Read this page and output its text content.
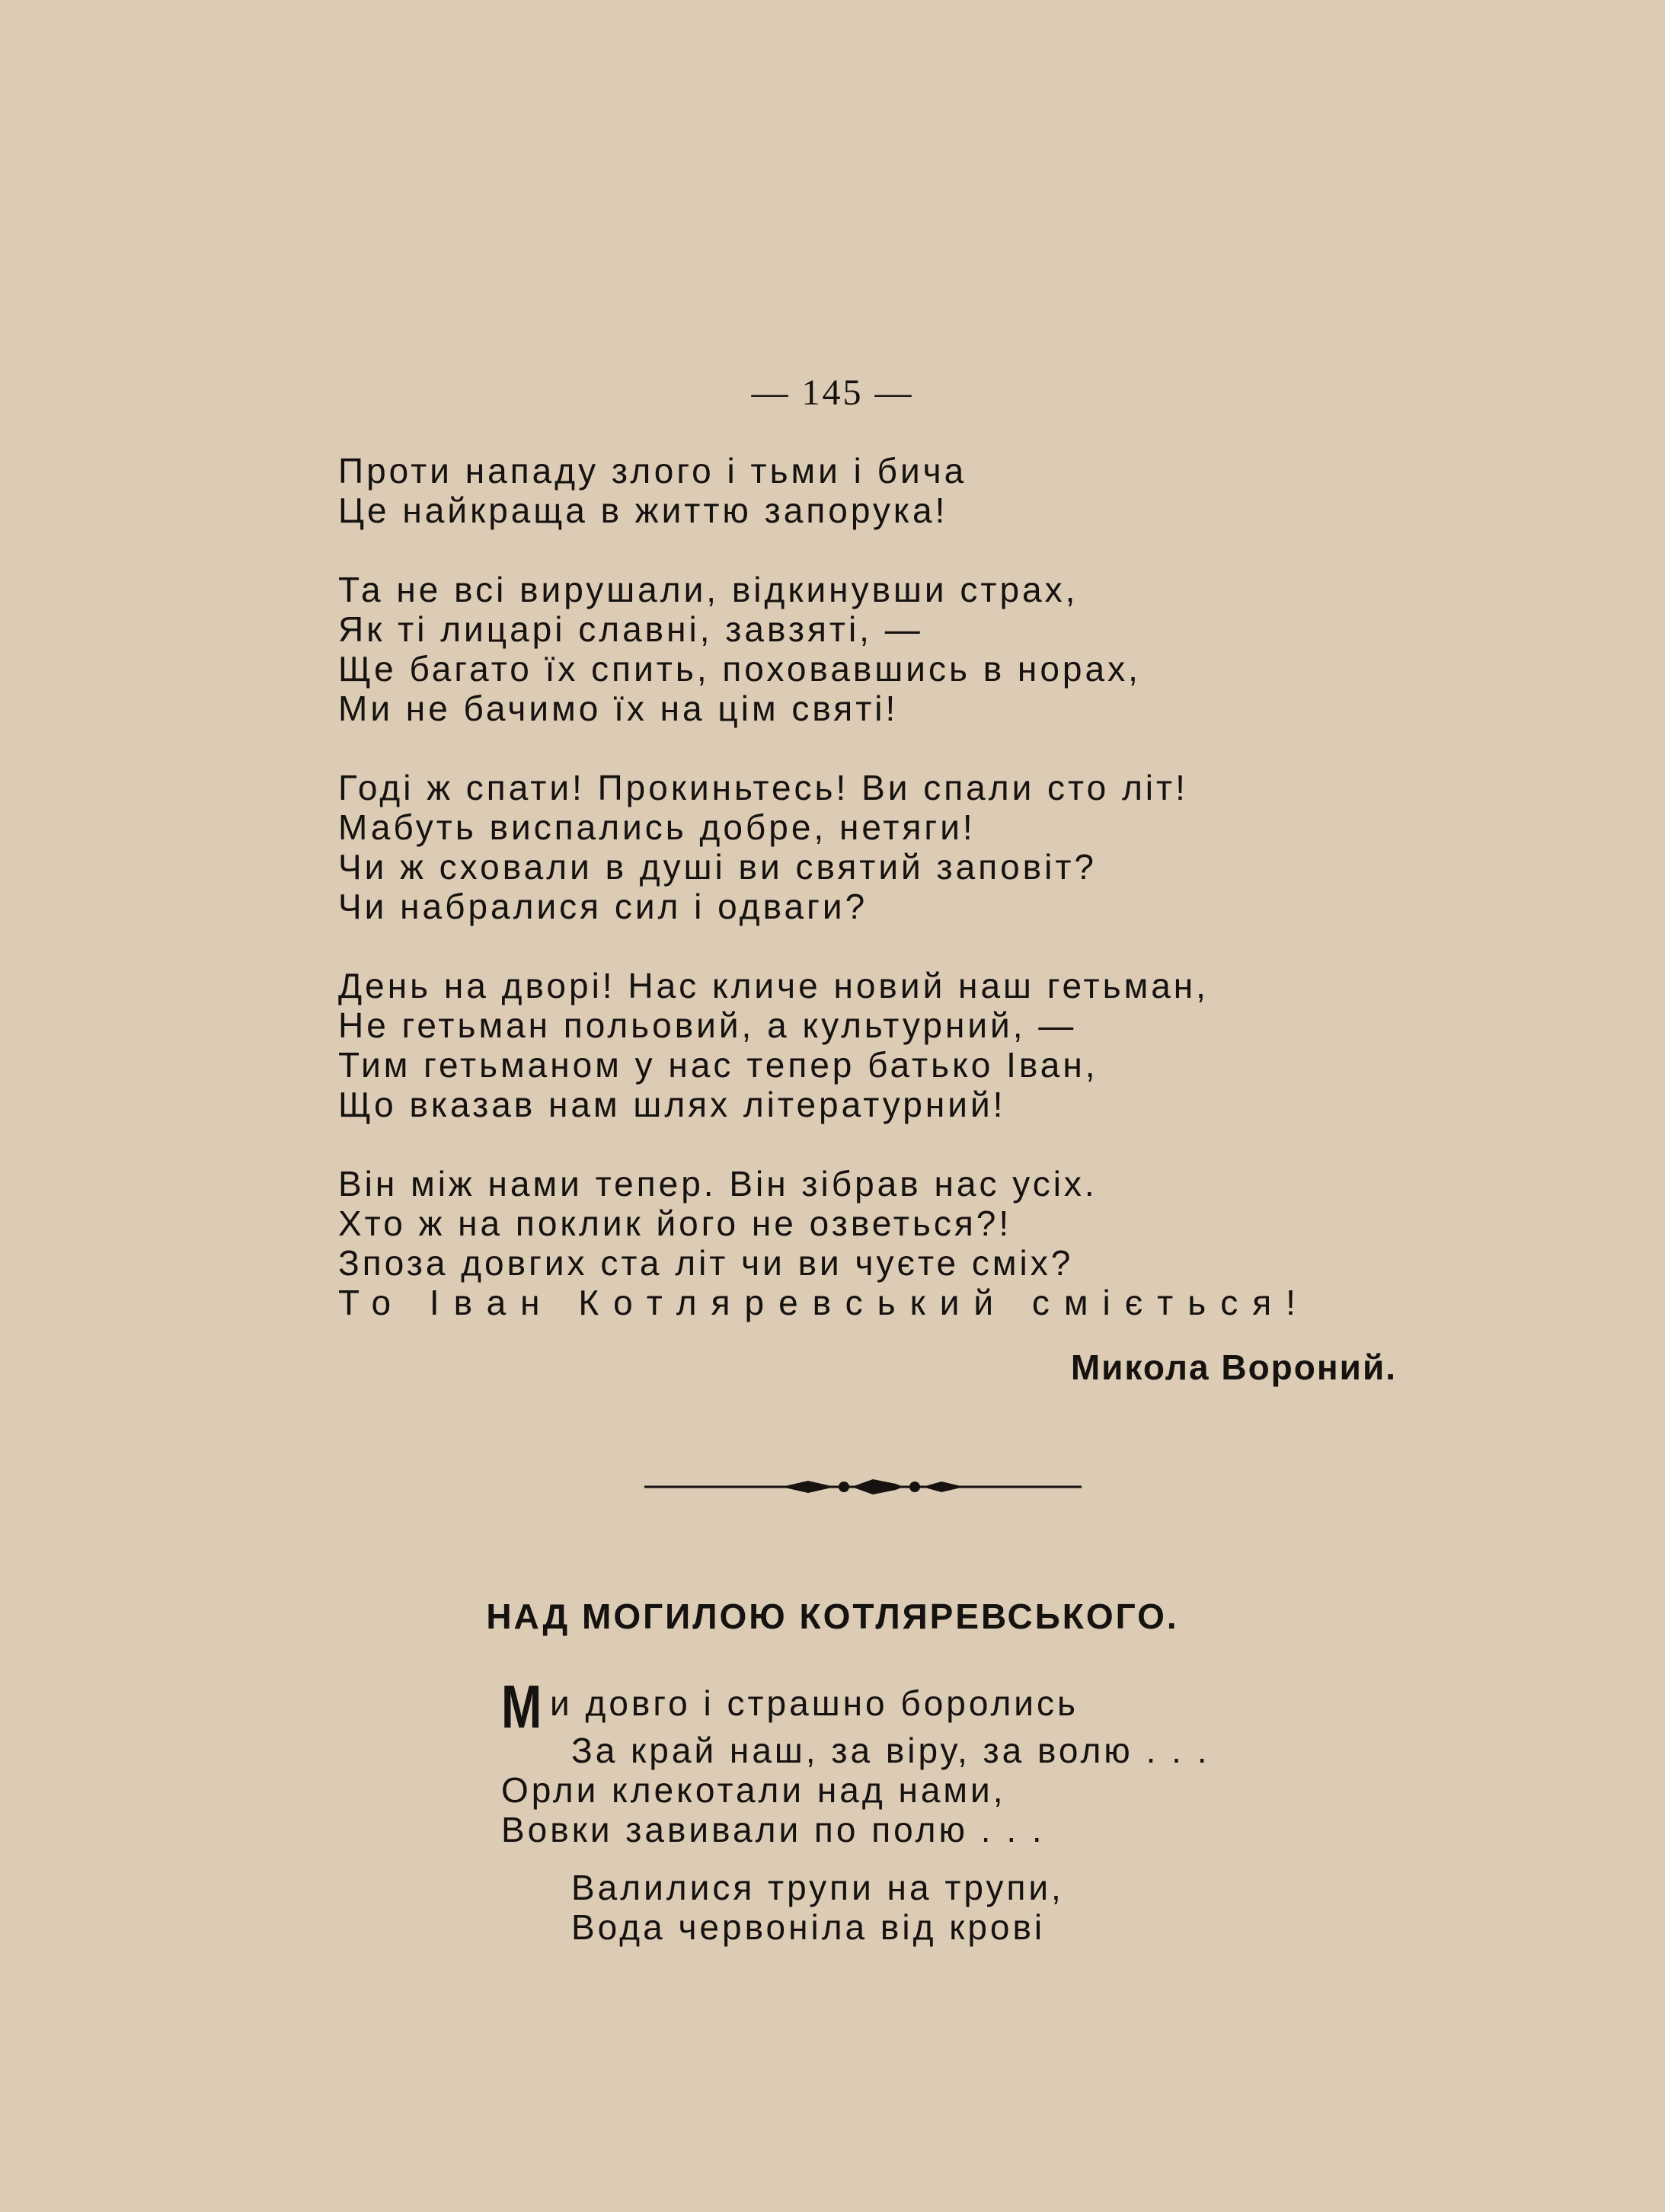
— 145 —
Проти нападу злого і тьми і бича
Це найкраща в життю запорука!
Та не всі вирушали, відкинувши страх,
Як ті лицарі славні, завзяті, —
Ще багато їх спить, поховавшись в норах,
Ми не бачимо їх на цім святі!
Годі ж спати! Прокиньтесь! Ви спали сто літ!
Мабуть виспались добре, нетяги!
Чи ж сховали в душі ви святий заповіт?
Чи набралися сил і одваги?
День на дворі! Нас кличе новий наш гетьман,
Не гетьман польовий, а культурний, —
Тим гетьманом у нас тепер батько Іван,
Що вказав нам шлях літературний!
Він між нами тепер. Він зібрав нас усіх.
Хто ж на поклик його не озветься?!
Зпоза довгих ста літ чи ви чуєте сміх?
То Іван Котляревський сміється!
Микола Вороний.
НАД МОГИЛОЮ КОТЛЯРЕВСЬКОГО.
Ми довго і страшно боролись
За край наш, за віру, за волю . . .
Орли клекотали над нами,
Вовки завивали по полю . . .
Валилися трупи на трупи,
Вода червоніла від крові
